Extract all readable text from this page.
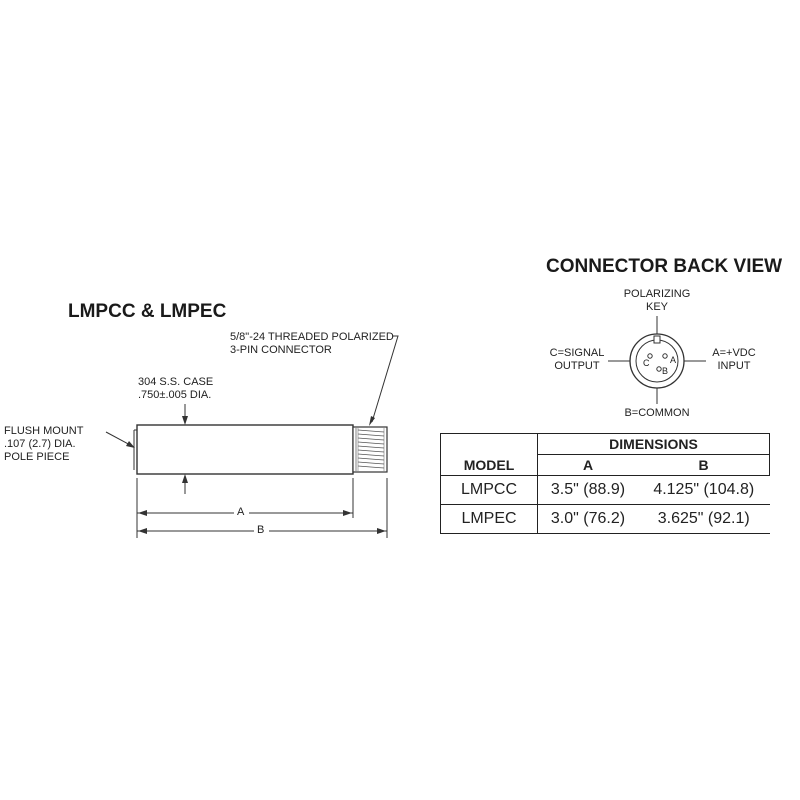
LMPCC & LMPEC
CONNECTOR BACK VIEW
5/8"-24 THREADED POLARIZED
3-PIN CONNECTOR
304 S.S. CASE
.750±.005 DIA.
FLUSH MOUNT
.107 (2.7) DIA.
POLE PIECE
A
B
POLARIZING
KEY
C=SIGNAL
OUTPUT
A=+VDC
INPUT
B=COMMON
A
B
C
	DIMENSIONS	
MODEL	A	B
LMPCC	3.5" (88.9)	4.125" (104.8)
LMPEC	3.0" (76.2)	3.625" (92.1)
